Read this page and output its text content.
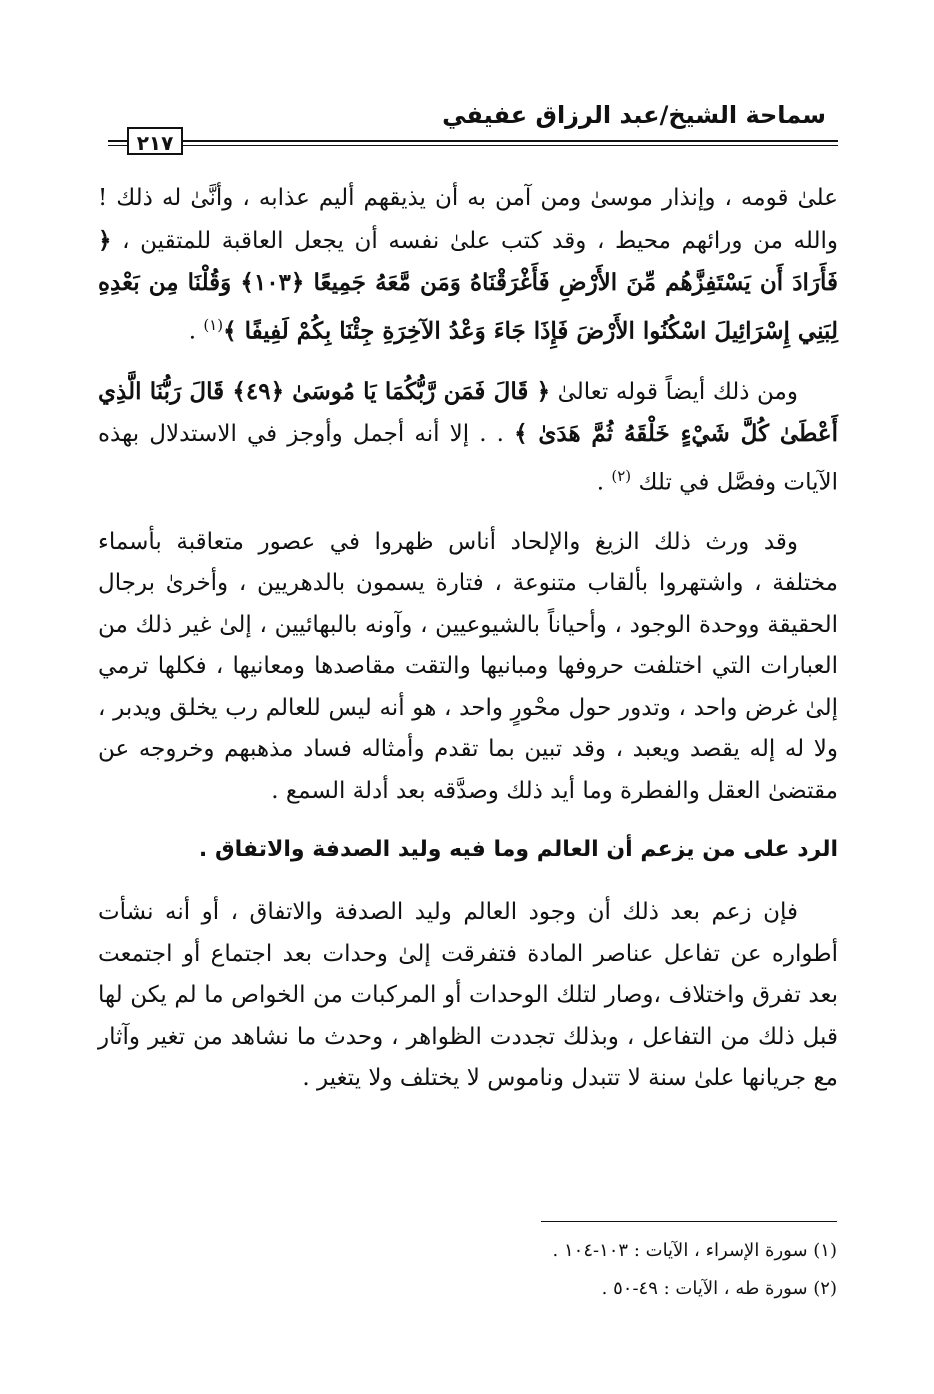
سماحة الشيخ/عبد الرزاق عفيفي
٢١٧

علىٰ قومه ، وإنذار موسىٰ ومن آمن به أن يذيقهم أليم عذابه ، وأنَّىٰ له ذلك ! والله من ورائهم محيط ، وقد كتب علىٰ نفسه أن يجعل العاقبة للمتقين ، ﴿ فَأَرَادَ أَن يَسْتَفِزَّهُم مِّنَ الأَرْضِ فَأَغْرَقْنَاهُ وَمَن مَّعَهُ جَمِيعًا ﴿١٠٣﴾ وَقُلْنَا مِن بَعْدِهِ لِبَنِي إِسْرَائِيلَ اسْكُنُوا الأَرْضَ فَإِذَا جَاءَ وَعْدُ الآخِرَةِ جِئْنَا بِكُمْ لَفِيفًا ﴾$^{(١)}$ .

ومن ذلك أيضاً قوله تعالىٰ ﴿ قَالَ فَمَن رَّبُّكُمَا يَا مُوسَىٰ ﴿٤٩﴾ قَالَ رَبُّنَا الَّذِي أَعْطَىٰ كُلَّ شَيْءٍ خَلْقَهُ ثُمَّ هَدَىٰ ﴾ . . إلا أنه أجمل وأوجز في الاستدلال بهذه الآيات وفصَّل في تلك $^{(٢)}$ .

وقد ورث ذلك الزيغ والإلحاد أناس ظهروا في عصور متعاقبة بأسماء مختلفة ، واشتهروا بألقاب متنوعة ، فتارة يسمون بالدهريين ، وأخرىٰ برجال الحقيقة ووحدة الوجود ، وأحياناً بالشيوعيين ، وآونه بالبهائيين ، إلىٰ غير ذلك من العبارات التي اختلفت حروفها ومبانيها والتقت مقاصدها ومعانيها ، فكلها ترمي إلىٰ غرض واحد ، وتدور حول محْورٍ واحد ، هو أنه ليس للعالم رب يخلق ويدبر ، ولا له إله يقصد ويعبد ، وقد تبين بما تقدم وأمثاله فساد مذهبهم وخروجه عن مقتضىٰ العقل والفطرة وما أيد ذلك وصدَّقه بعد أدلة السمع .

الرد على من يزعم أن العالم وما فيه وليد الصدفة والاتفاق .

فإن زعم بعد ذلك أن وجود العالم وليد الصدفة والاتفاق ، أو أنه نشأت أطواره عن تفاعل عناصر المادة فتفرقت إلىٰ وحدات بعد اجتماع أو اجتمعت بعد تفرق واختلاف ،وصار لتلك الوحدات أو المركبات من الخواص ما لم يكن لها قبل ذلك من التفاعل ، وبذلك تجددت الظواهر ، وحدث ما نشاهد من تغير وآثار مع جريانها علىٰ سنة لا تتبدل وناموس لا يختلف ولا يتغير .

(١) سورة الإسراء ، الآيات : ١٠٣-١٠٤ .
(٢) سورة طه ، الآيات : ٤٩-٥٠ .
